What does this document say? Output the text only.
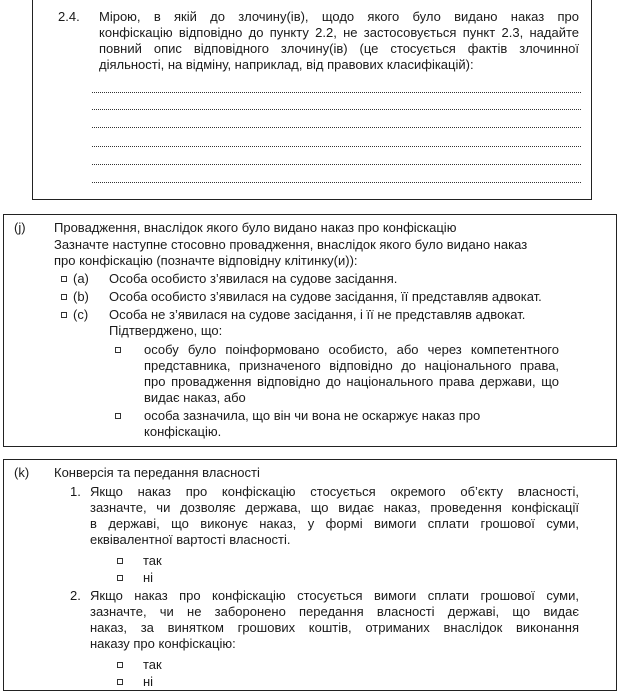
2.4. Мірою, в якій до злочину(ів), щодо якого було видано наказ про
конфіскацію відповідно до пункту 2.2, не застосовується пункт 2.3, надайте
повний опис відповідного злочину(ів) (це стосується фактів злочинної
діяльності, на відміну, наприклад, від правових класифікацій):
(j) Провадження, внаслідок якого було видано наказ про конфіскацію
Зазначте наступне стосовно провадження, внаслідок якого було видано наказ
про конфіскацію (позначте відповідну клітинку(и)):
(a) Особа особисто з’явилася на судове засідання.
(b) Особа особисто з’явилася на судове засідання, її представляв адвокат.
(c) Особа не з’явилася на судове засідання, і її не представляв адвокат.
Підтверджено, що:
особу було поінформовано особисто, або через компетентного
представника, призначеного відповідно до національного права,
про провадження відповідно до національного права держави, що
видає наказ, або
особа зазначила, що він чи вона не оскаржує наказ про
конфіскацію.
(k) Конверсія та передання власності
1. Якщо наказ про конфіскацію стосується окремого об’єкту власності,
зазначте, чи дозволяє держава, що видає наказ, проведення конфіскації
в державі, що виконує наказ, у формі вимоги сплати грошової суми,
еквівалентної вартості власності.
так
ні
2. Якщо наказ про конфіскацію стосується вимоги сплати грошової суми,
зазначте, чи не заборонено передання власності державі, що видає
наказ, за винятком грошових коштів, отриманих внаслідок виконання
наказу про конфіскацію:
так
ні
